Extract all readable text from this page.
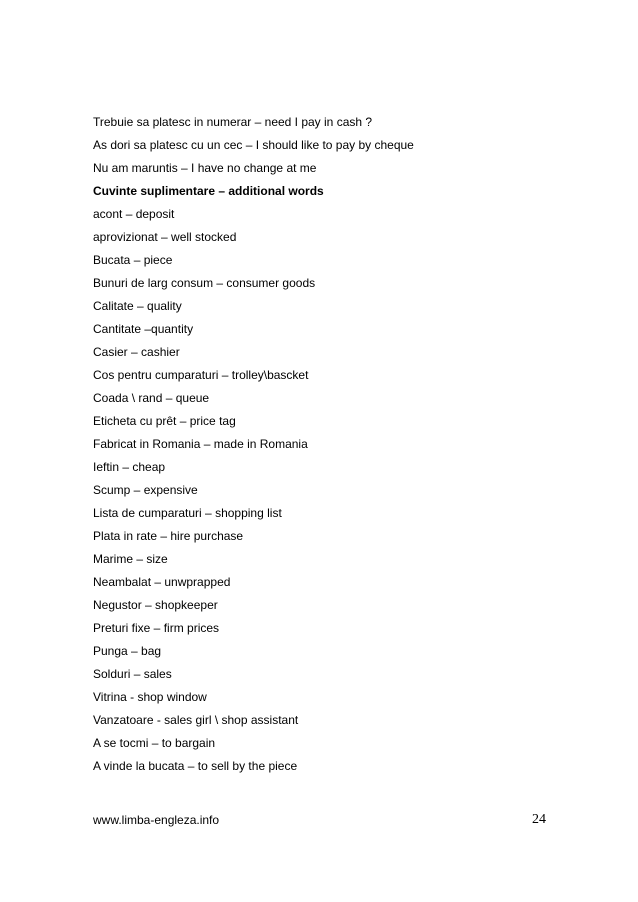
Trebuie sa platesc in numerar – need I pay in cash ?
As dori sa platesc cu un cec – I should like to pay by cheque
Nu am maruntis – I have no change at me
Cuvinte suplimentare – additional words
acont – deposit
aprovizionat – well stocked
Bucata – piece
Bunuri de larg consum – consumer goods
Calitate – quality
Cantitate –quantity
Casier – cashier
Cos pentru cumparaturi – trolley\bascket
Coada \ rand – queue
Eticheta cu prêt – price tag
Fabricat in Romania – made in Romania
Ieftin – cheap
Scump – expensive
Lista de cumparaturi – shopping list
Plata in rate – hire purchase
Marime – size
Neambalat – unwprapped
Negustor – shopkeeper
Preturi fixe – firm prices
Punga – bag
Solduri – sales
Vitrina - shop window
Vanzatoare - sales girl \ shop assistant
A se tocmi – to bargain
A vinde la bucata – to sell by the piece
www.limba-engleza.info	24
